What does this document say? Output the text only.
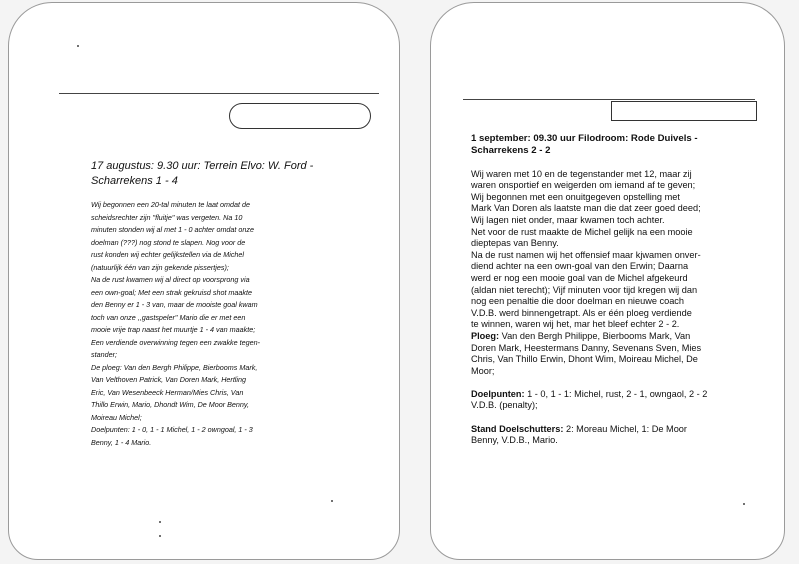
17 augustus: 9.30 uur: Terrein Elvo: W. Ford -
Scharrekens 1 - 4
Wij begonnen een 20-tal minuten te laat omdat de
scheidsrechter zijn "fluitje" was vergeten. Na 10
minuten stonden wij al met 1 - 0 achter omdat onze
doelman (???) nog stond te slapen. Nog voor de
rust konden wij echter gelijkstellen via de Michel
(natuurlijk één van zijn gekende pissertjes);
Na de rust kwamen wij al direct op voorsprong via
een own-goal; Met een strak gekruisd shot maakte
den Benny er 1 - 3 van, maar de mooiste goal kwam
toch van onze ,,gastspeler" Mario die er met een
mooie vrije trap naast het muurtje 1 - 4 van maakte;
Een verdiende overwinning tegen een zwakke tegen-
stander;
De ploeg: Van den Bergh Philippe, Bierbooms Mark,
Van Velthoven Patrick, Van Doren Mark, Hertling
Eric, Van Wesenbeeck Herman/Mies Chris, Van
Thillo Erwin, Mario, Dhondt Wim, De Moor Benny,
Moireau Michel;
Doelpunten: 1 - 0, 1 - 1 Michel, 1 - 2 owngoal, 1 - 3
Benny, 1 - 4 Mario.
1 september: 09.30 uur Filodroom: Rode Duivels -
Scharrekens 2 - 2

Wij waren met 10 en de tegenstander met 12, maar zij
waren onsportief en weigerden om iemand af te geven;
Wij begonnen met een onuitgegeven opstelling met
Mark Van Doren als laatste man die dat zeer goed deed;
Wij lagen niet onder, maar kwamen toch achter.
Net voor de rust maakte de Michel gelijk na een mooie
dieptepas van Benny.
Na de rust namen wij het offensief maar kjwamen onver-
diend achter na een own-goal van den Erwin; Daarna
werd er nog een mooie goal van de Michel afgekeurd
(aldan niet terecht); Vijf minuten voor tijd kregen wij dan
nog een penaltie die door doelman en nieuwe coach
V.D.B. werd binnengetrapt. Als er één ploeg verdiende
te winnen, waren wij het, mar het bleef echter 2 - 2.

Ploeg: Van den Bergh Philippe, Bierbooms Mark, Van
Doren Mark, Heestermans Danny, Sevenans Sven, Mies
Chris, Van Thillo Erwin, Dhont Wim, Moireau Michel, De
Moor;

Doelpunten: 1 - 0, 1 - 1: Michel, rust, 2 - 1, owngaol, 2 - 2
V.D.B. (penalty);

Stand Doelschutters: 2: Moreau Michel, 1: De Moor
Benny, V.D.B., Mario.
